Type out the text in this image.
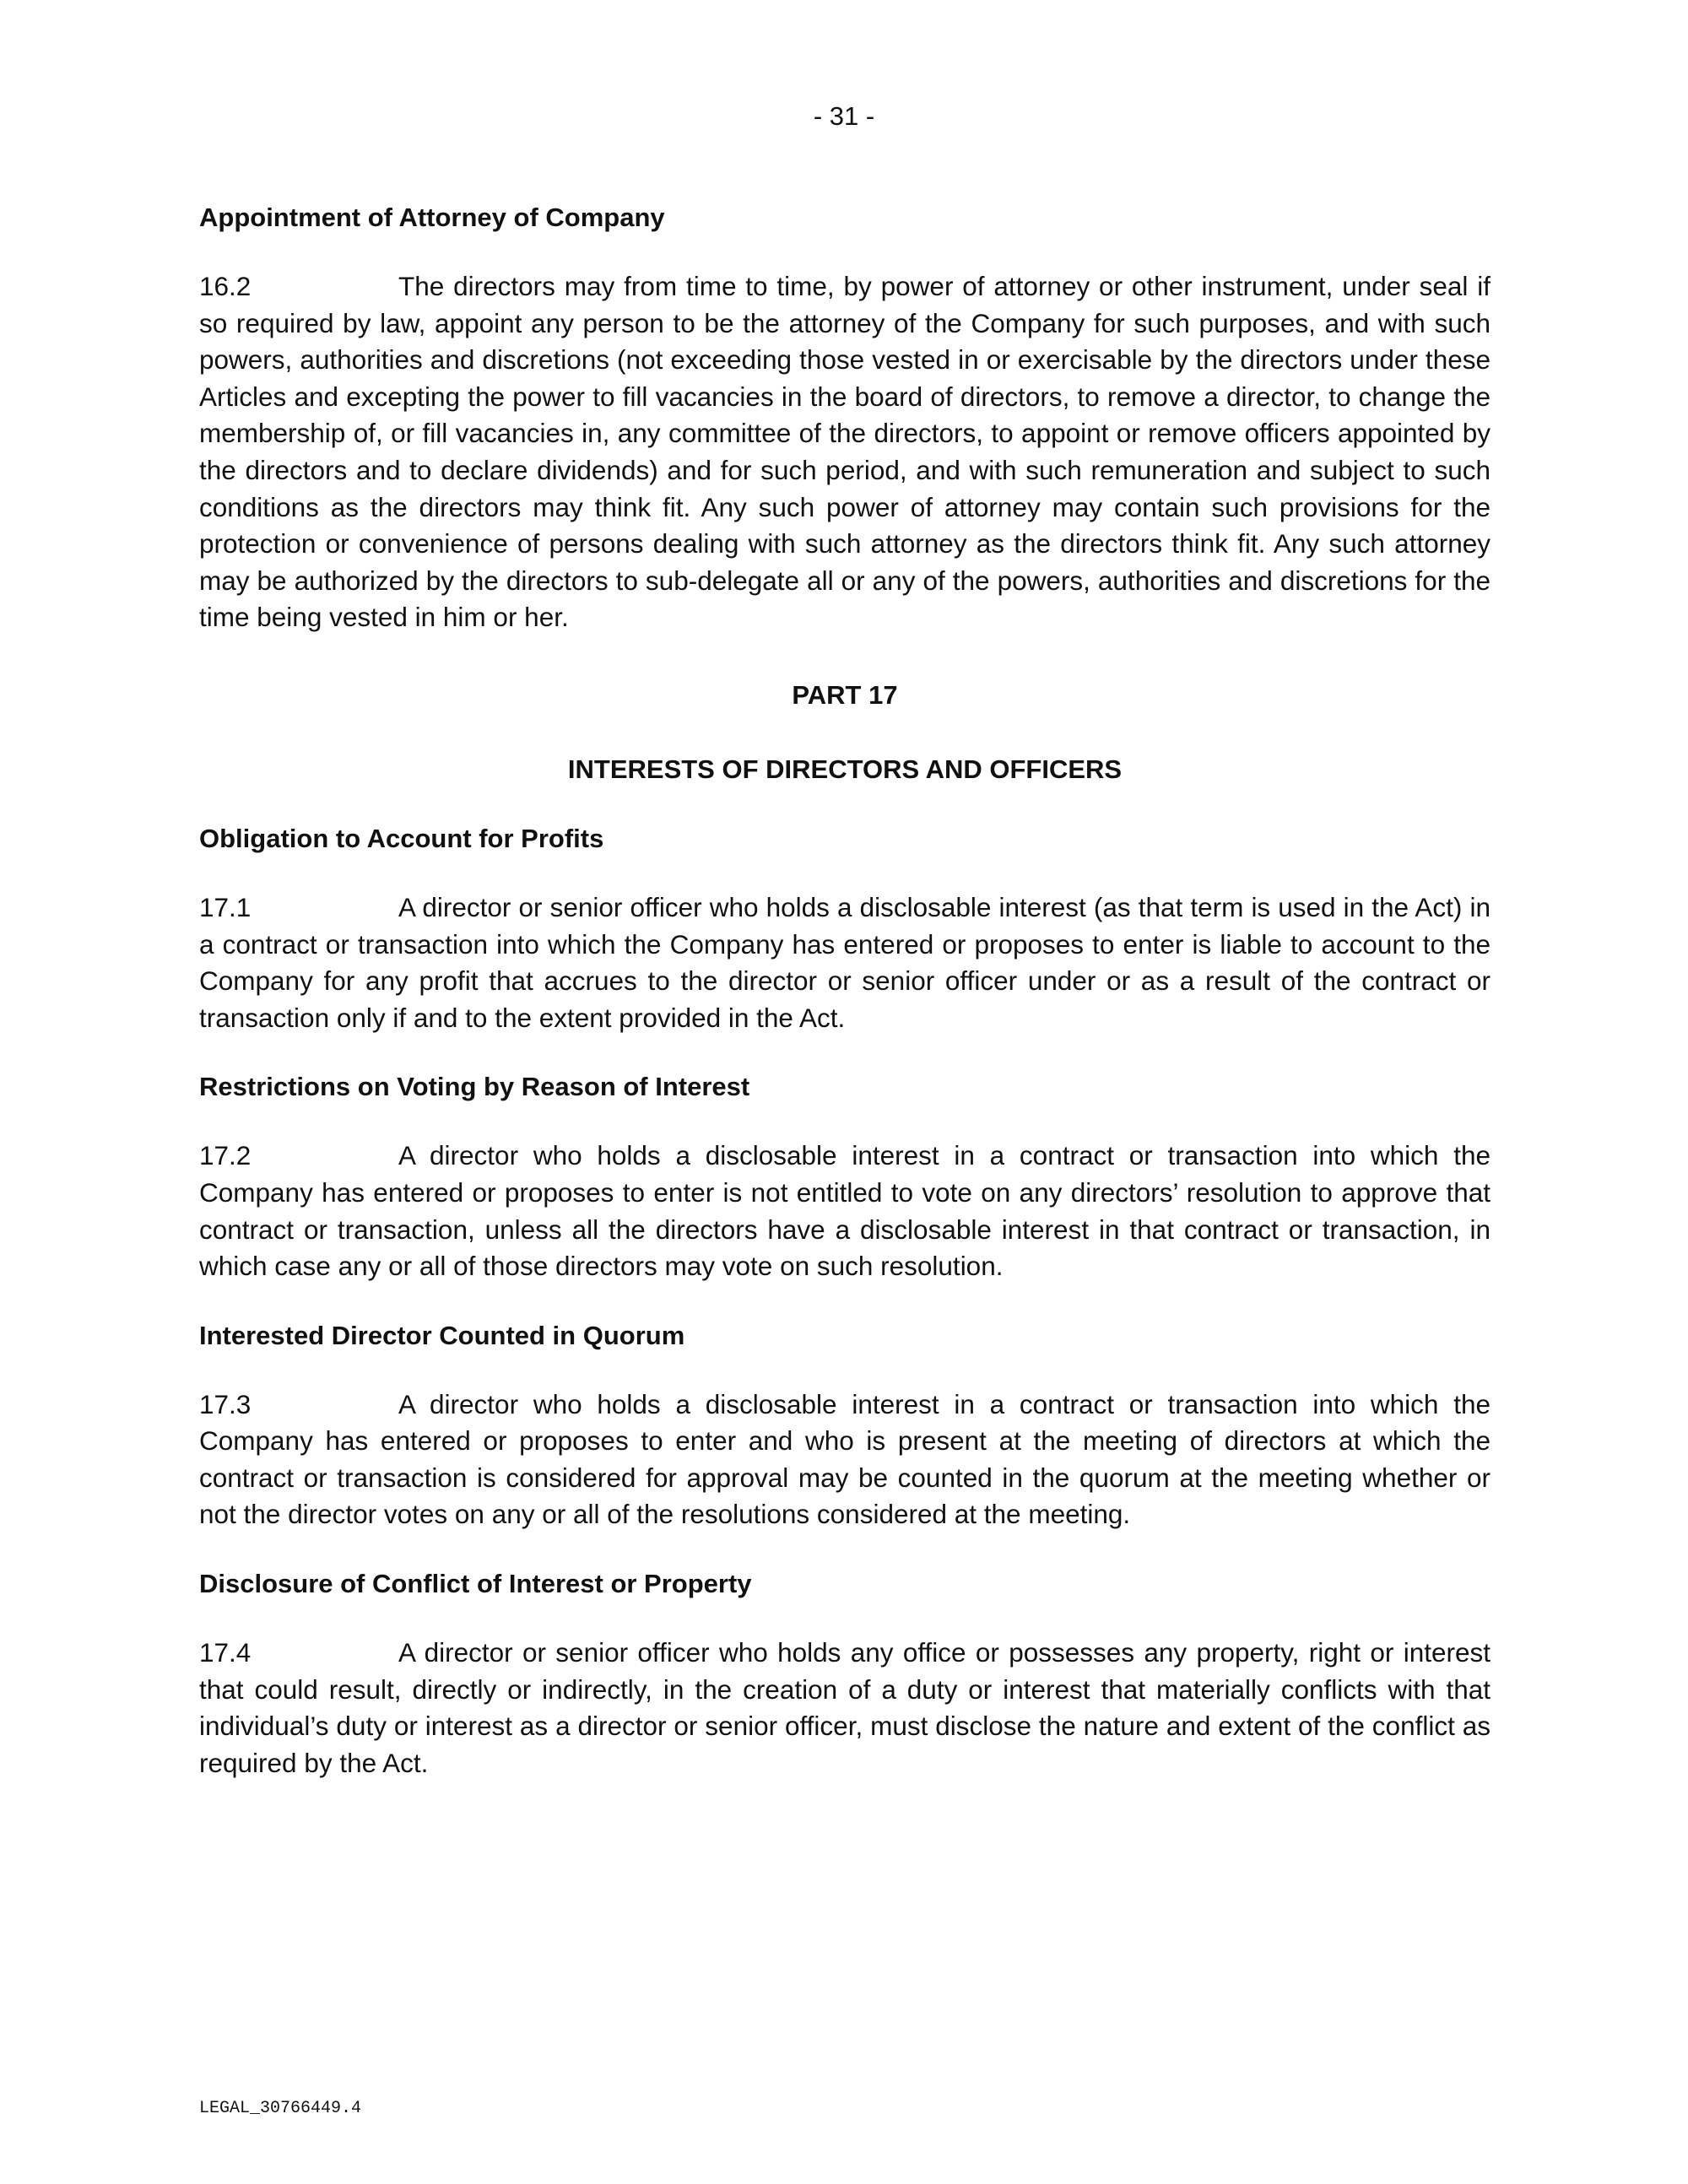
- 31 -
Appointment of Attorney of Company

16.2	The directors may from time to time, by power of attorney or other instrument, under seal if so required by law, appoint any person to be the attorney of the Company for such purposes, and with such powers, authorities and discretions (not exceeding those vested in or exercisable by the directors under these Articles and excepting the power to fill vacancies in the board of directors, to remove a director, to change the membership of, or fill vacancies in, any committee of the directors, to appoint or remove officers appointed by the directors and to declare dividends) and for such period, and with such remuneration and subject to such conditions as the directors may think fit. Any such power of attorney may contain such provisions for the protection or convenience of persons dealing with such attorney as the directors think fit. Any such attorney may be authorized by the directors to sub-delegate all or any of the powers, authorities and discretions for the time being vested in him or her.

PART 17
INTERESTS OF DIRECTORS AND OFFICERS
Obligation to Account for Profits

17.1	A director or senior officer who holds a disclosable interest (as that term is used in the Act) in a contract or transaction into which the Company has entered or proposes to enter is liable to account to the Company for any profit that accrues to the director or senior officer under or as a result of the contract or transaction only if and to the extent provided in the Act.

Restrictions on Voting by Reason of Interest

17.2	A director who holds a disclosable interest in a contract or transaction into which the Company has entered or proposes to enter is not entitled to vote on any directors’ resolution to approve that contract or transaction, unless all the directors have a disclosable interest in that contract or transaction, in which case any or all of those directors may vote on such resolution.

Interested Director Counted in Quorum

17.3	A director who holds a disclosable interest in a contract or transaction into which the Company has entered or proposes to enter and who is present at the meeting of directors at which the contract or transaction is considered for approval may be counted in the quorum at the meeting whether or not the director votes on any or all of the resolutions considered at the meeting.

Disclosure of Conflict of Interest or Property

17.4	A director or senior officer who holds any office or possesses any property, right or interest that could result, directly or indirectly, in the creation of a duty or interest that materially conflicts with that individual’s duty or interest as a director or senior officer, must disclose the nature and extent of the conflict as required by the Act.

LEGAL_30766449.4
